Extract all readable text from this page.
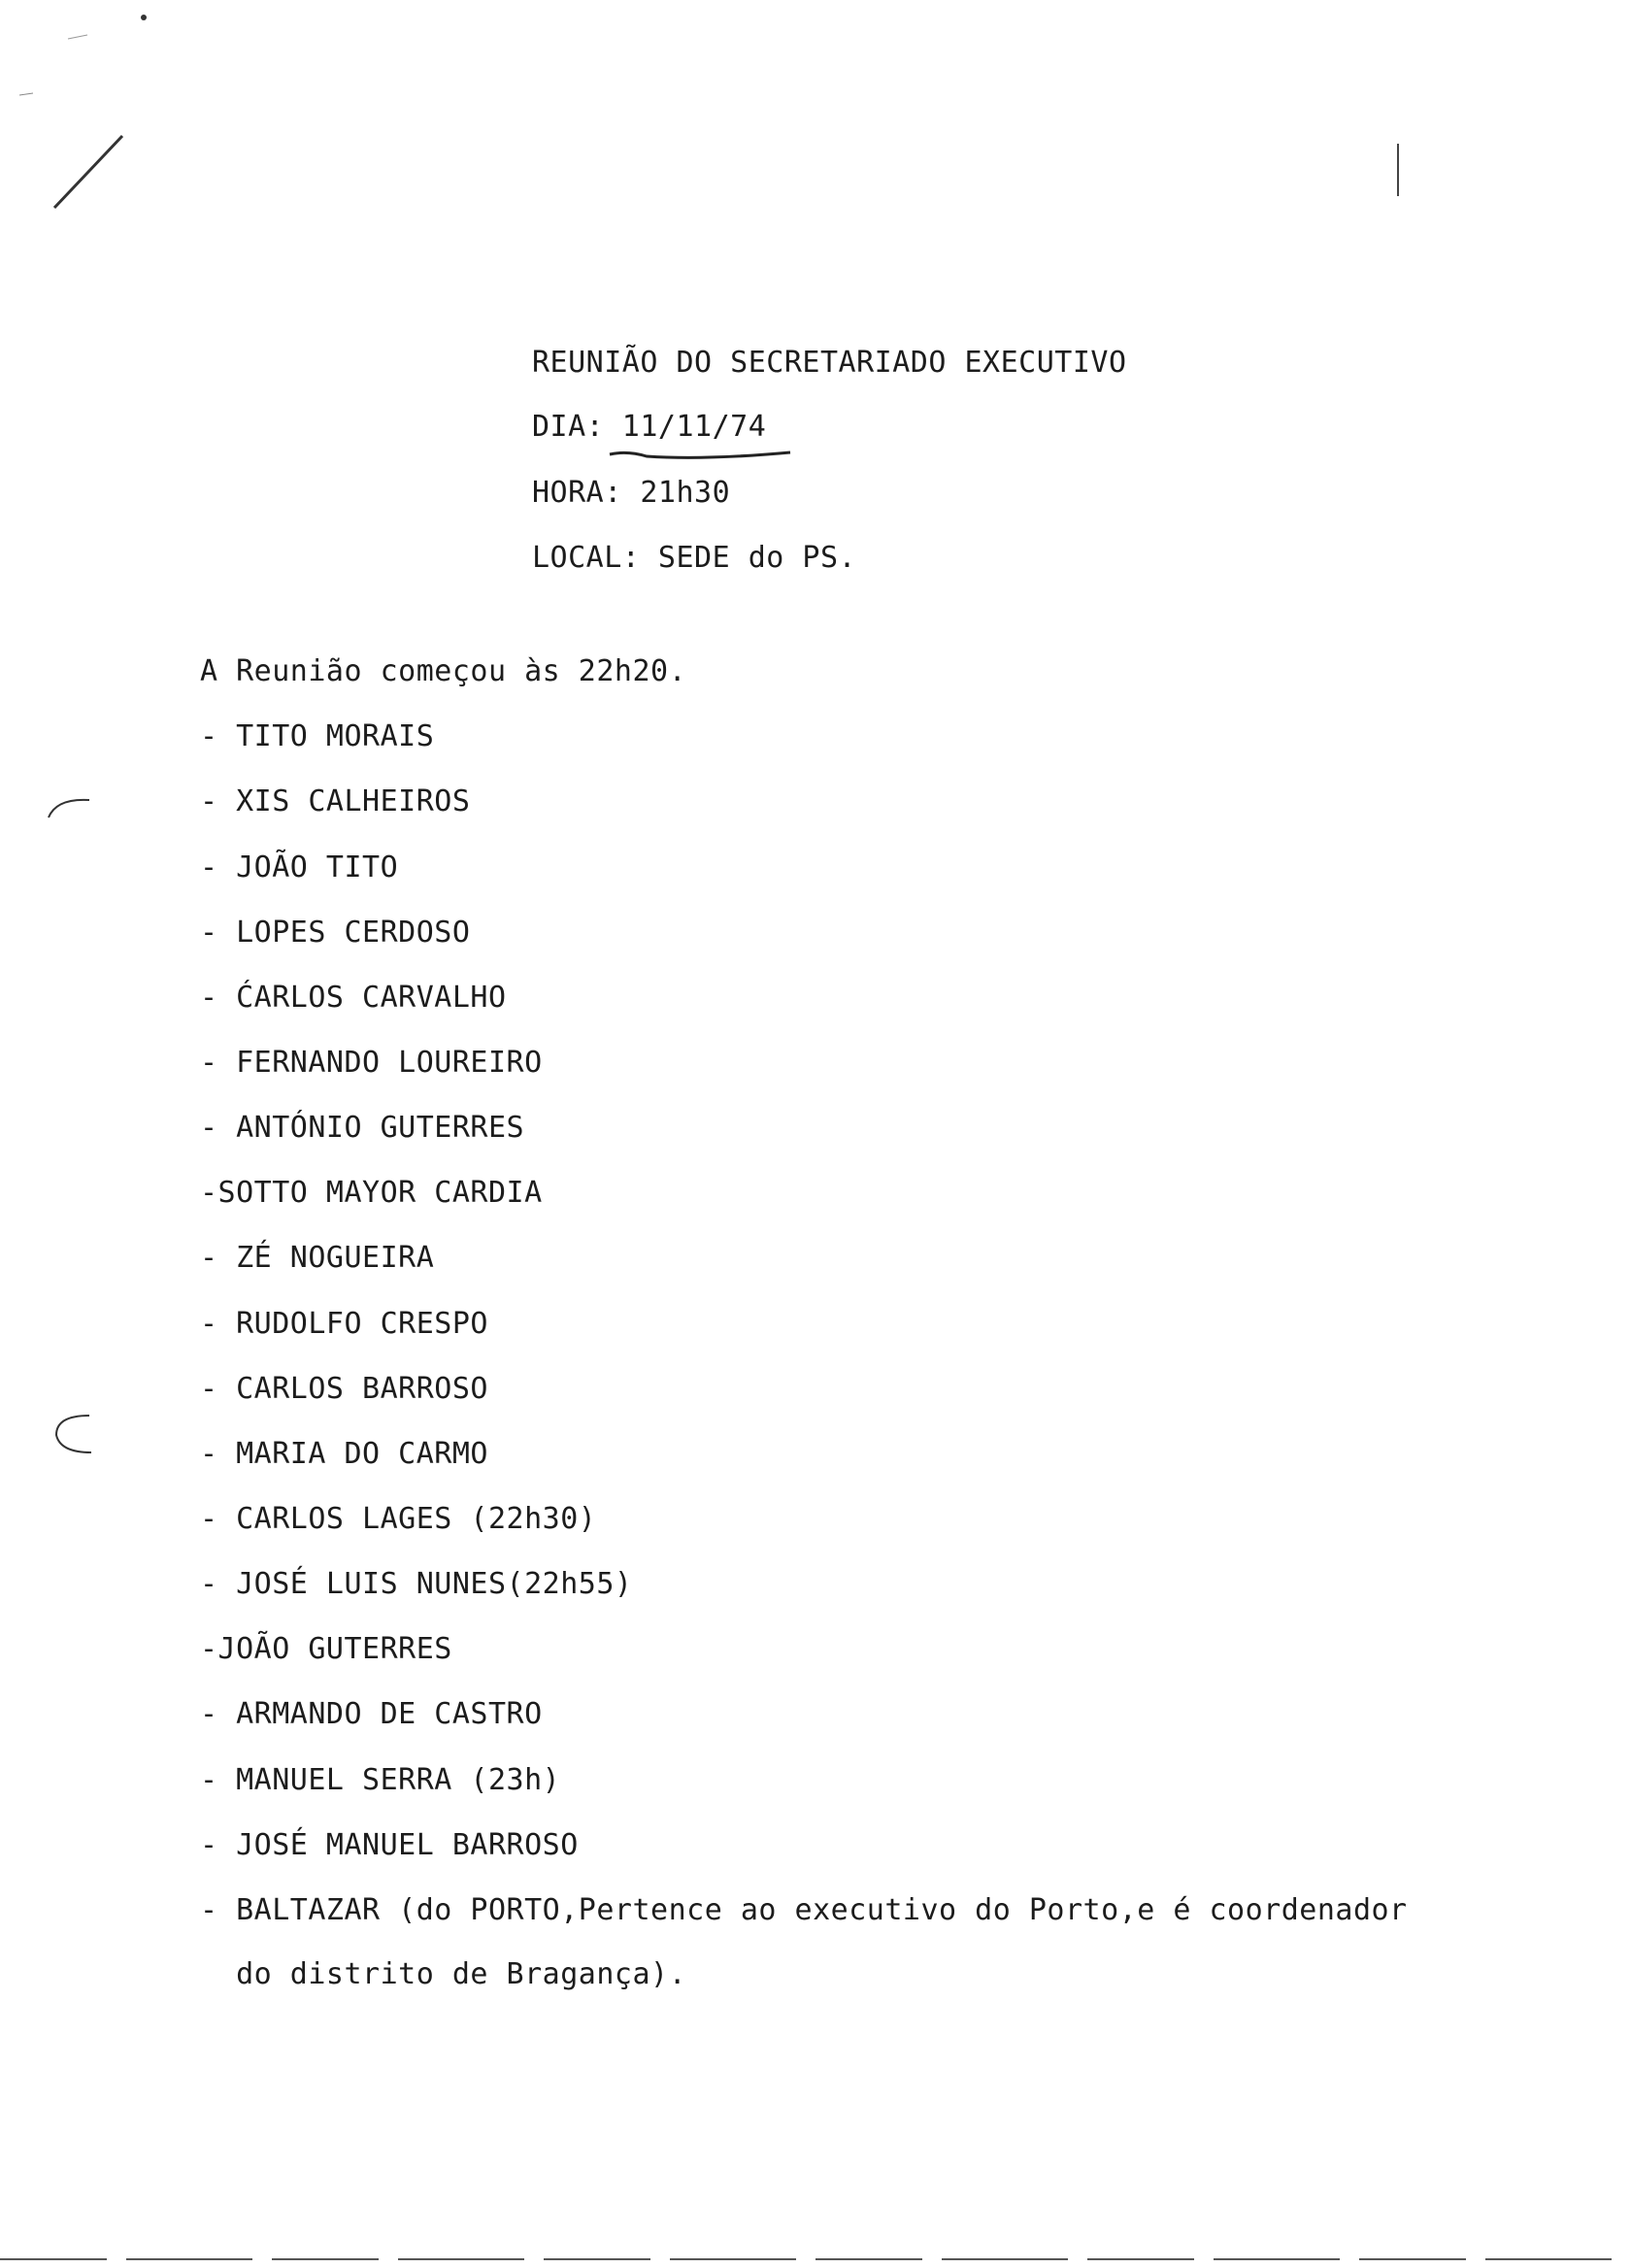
REUNIÃO DO SECRETARIADO EXECUTIVO
DIA: 11/11/74
HORA: 21h30
LOCAL: SEDE do PS.
A Reunião começou às 22h20.
- TITO MORAIS
- XIS CALHEIROS
- JOÃO TITO
- LOPES CERDOSO
- ĆARLOS CARVALHO
- FERNANDO LOUREIRO
- ANTÓNIO GUTERRES
-SOTTO MAYOR CARDIA
- ZÉ NOGUEIRA
- RUDOLFO CRESPO
- CARLOS BARROSO
- MARIA DO CARMO
- CARLOS LAGES (22h30)
- JOSÉ LUIS NUNES(22h55)
-JOÃO GUTERRES
- ARMANDO DE CASTRO
- MANUEL SERRA (23h)
- JOSÉ MANUEL BARROSO
- BALTAZAR (do PORTO,Pertence ao executivo do Porto,e é coordenador
do distrito de Bragança).
